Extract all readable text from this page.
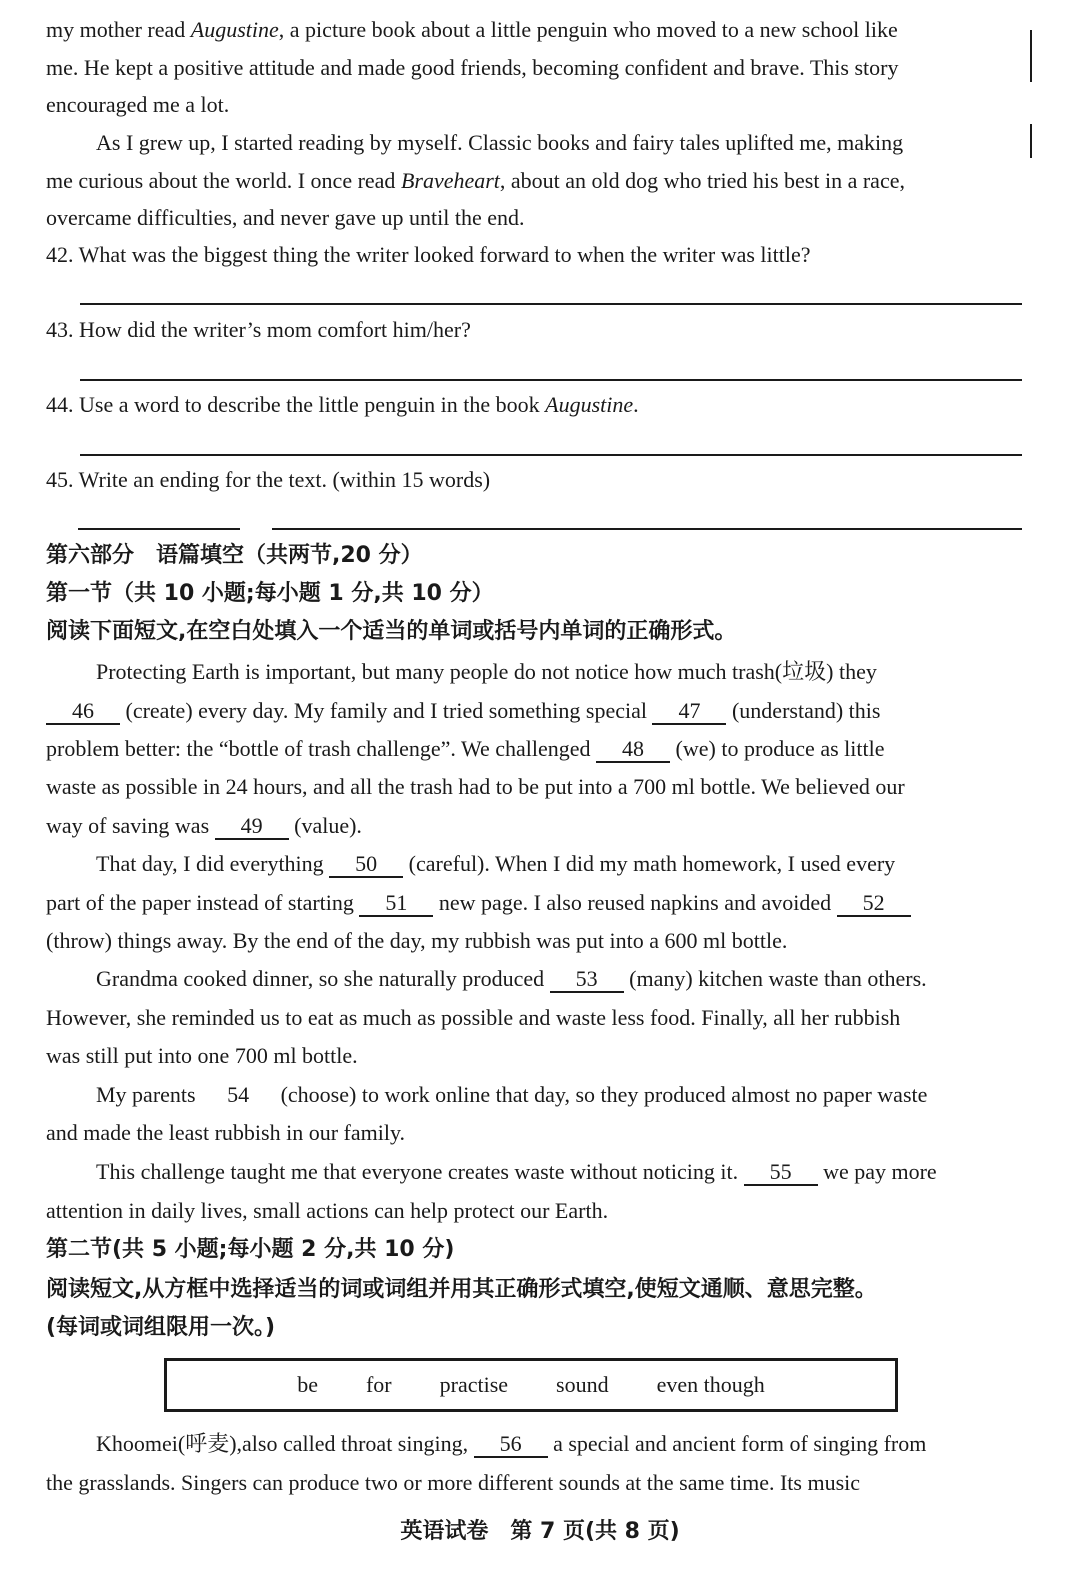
my mother read Augustine, a picture book about a little penguin who moved to a new school like
me. He kept a positive attitude and made good friends, becoming confident and brave. This story
encouraged me a lot.
As I grew up, I started reading by myself. Classic books and fairy tales uplifted me, making
me curious about the world. I once read Braveheart, about an old dog who tried his best in a race,
overcame difficulties, and never gave up until the end.
42. What was the biggest thing the writer looked forward to when the writer was little?
43. How did the writer’s mom comfort him/her?
44. Use a word to describe the little penguin in the book Augustine.
45. Write an ending for the text. (within 15 words)
第六部分　语篇填空（共两节,20 分）
第一节（共 10 小题;每小题 1 分,共 10 分）
阅读下面短文,在空白处填入一个适当的单词或括号内单词的正确形式。
Protecting Earth is important, but many people do not notice how much trash(垃圾) they
46 (create) every day. My family and I tried something special 47 (understand) this
problem better: the “bottle of trash challenge”. We challenged 48 (we) to produce as little
waste as possible in 24 hours, and all the trash had to be put into a 700 ml bottle. We believed our
way of saving was 49 (value).
That day, I did everything 50 (careful). When I did my math homework, I used every
part of the paper instead of starting 51 new page. I also reused napkins and avoided 52
(throw) things away. By the end of the day, my rubbish was put into a 600 ml bottle.
Grandma cooked dinner, so she naturally produced 53 (many) kitchen waste than others.
However, she reminded us to eat as much as possible and waste less food. Finally, all her rubbish
was still put into one 700 ml bottle.
My parents 54 (choose) to work online that day, so they produced almost no paper waste
and made the least rubbish in our family.
This challenge taught me that everyone creates waste without noticing it. 55 we pay more
attention in daily lives, small actions can help protect our Earth.
第二节(共 5 小题;每小题 2 分,共 10 分)
阅读短文,从方框中选择适当的词或词组并用其正确形式填空,使短文通顺、意思完整。
(每词或词组限用一次。)
be for practise sound even though
Khoomei(呼麦),also called throat singing, 56 a special and ancient form of singing from
the grasslands. Singers can produce two or more different sounds at the same time. Its music
英语试卷　第 7 页(共 8 页)
